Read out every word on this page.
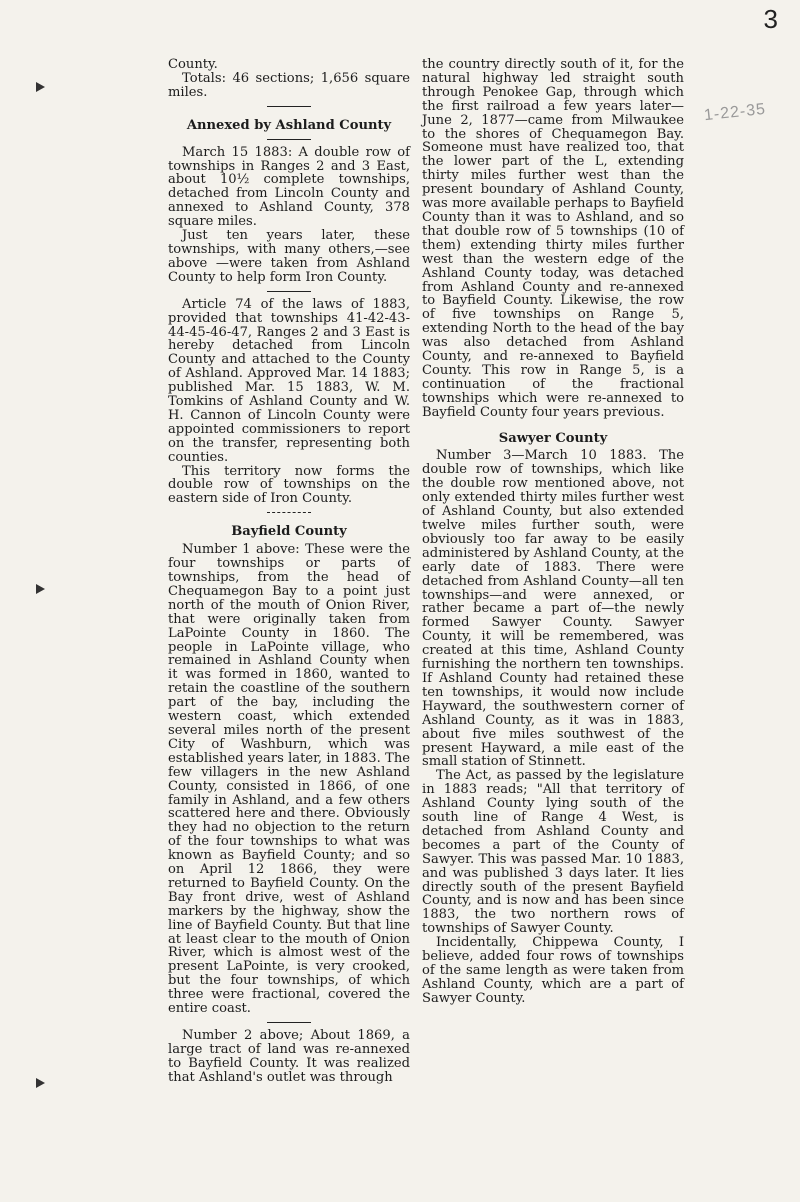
3
1-22-35

County.

Totals: 46 sections; 1,656 square miles.

Annexed by Ashland County

March 15 1883: A double row of townships in Ranges 2 and 3 East, about 10½ complete townships, detached from Lincoln County and annexed to Ashland County, 378 square miles.

Just ten years later, these townships, with many others,—see above —were taken from Ashland County to help form Iron County.

Article 74 of the laws of 1883, provided that townships 41-42-43-44-45-46-47, Ranges 2 and 3 East is hereby detached from Lincoln County and attached to the County of Ashland. Approved Mar. 14 1883; published Mar. 15 1883, W. M. Tomkins of Ashland County and W. H. Cannon of Lincoln County were appointed commissioners to report on the transfer, representing both counties.

This territory now forms the double row of townships on the eastern side of Iron County.

Bayfield County

Number 1 above: These were the four townships or parts of townships, from the head of Chequamegon Bay to a point just north of the mouth of Onion River, that were originally taken from LaPointe County in 1860. The people in LaPointe village, who remained in Ashland County when it was formed in 1860, wanted to retain the coastline of the southern part of the bay, including the western coast, which extended several miles north of the present City of Washburn, which was established years later, in 1883. The few villagers in the new Ashland County, consisted in 1866, of one family in Ashland, and a few others scattered here and there. Obviously they had no objection to the return of the four townships to what was known as Bayfield County; and so on April 12 1866, they were returned to Bayfield County. On the Bay front drive, west of Ashland markers by the highway, show the line of Bayfield County. But that line at least clear to the mouth of Onion River, which is almost west of the present LaPointe, is very crooked, but the four townships, of which three were fractional, covered the entire coast.

Number 2 above; About 1869, a large tract of land was re-annexed to Bayfield County. It was realized that Ashland's outlet was through

the country directly south of it, for the natural highway led straight south through Penokee Gap, through which the first railroad a few years later—June 2, 1877—came from Milwaukee to the shores of Chequamegon Bay. Someone must have realized too, that the lower part of the L, extending thirty miles further west than the present boundary of Ashland County, was more available perhaps to Bayfield County than it was to Ashland, and so that double row of 5 townships (10 of them) extending thirty miles further west than the western edge of the Ashland County today, was detached from Ashland County and re-annexed to Bayfield County. Likewise, the row of five townships on Range 5, extending North to the head of the bay was also detached from Ashland County, and re-annexed to Bayfield County. This row in Range 5, is a continuation of the fractional townships which were re-annexed to Bayfield County four years previous.

Sawyer County

Number 3—March 10 1883. The double row of townships, which like the double row mentioned above, not only extended thirty miles further west of Ashland County, but also extended twelve miles further south, were obviously too far away to be easily administered by Ashland County, at the early date of 1883. There were detached from Ashland County—all ten townships—and were annexed, or rather became a part of—the newly formed Sawyer County. Sawyer County, it will be remembered, was created at this time, Ashland County furnishing the northern ten townships. If Ashland County had retained these ten townships, it would now include Hayward, the southwestern corner of Ashland County, as it was in 1883, about five miles southwest of the present Hayward, a mile east of the small station of Stinnett.

The Act, as passed by the legislature in 1883 reads; "All that territory of Ashland County lying south of the south line of Range 4 West, is detached from Ashland County and becomes a part of the County of Sawyer. This was passed Mar. 10 1883, and was published 3 days later. It lies directly south of the present Bayfield County, and is now and has been since 1883, the two northern rows of townships of Sawyer County.

Incidentally, Chippewa County, I believe, added four rows of townships of the same length as were taken from Ashland County, which are a part of Sawyer County.
